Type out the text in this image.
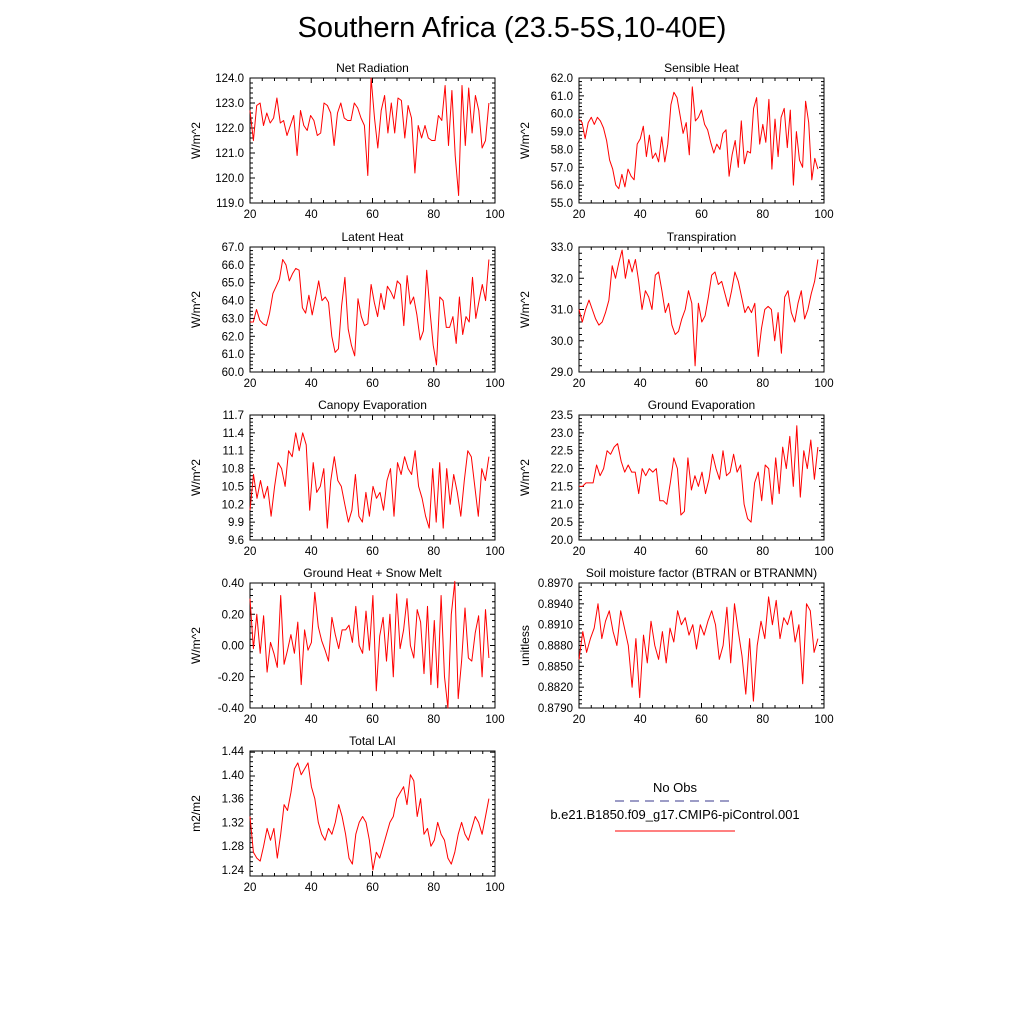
Southern Africa (23.5-5S,10-40E)
20	40	60	80	100
119.0
120.0
121.0
122.0
123.0
124.0
W/m^2
Net Radiation
20	40	60	80	100
55.0
56.0
57.0
58.0
59.0
60.0
61.0
62.0
W/m^2
Sensible Heat
20	40	60	80	100
60.0
61.0
62.0
63.0
64.0
65.0
66.0
67.0
W/m^2
Latent Heat
20	40	60	80	100
29.0
30.0
31.0
32.0
33.0
W/m^2
Transpiration
20	40	60	80	100
9.6
9.9
10.2
10.5
10.8
11.1
11.4
11.7
W/m^2
Canopy Evaporation
20	40	60	80	100
20.0
20.5
21.0
21.5
22.0
22.5
23.0
23.5
W/m^2
Ground Evaporation
20	40	60	80	100
-0.40
-0.20
0.00
0.20
0.40
W/m^2
Ground Heat + Snow Melt
20	40	60	80	100
0.8790
0.8820
0.8850
0.8880
0.8910
0.8940
0.8970
unitless
Soil moisture factor (BTRAN or BTRANMN)
20	40	60	80	100
1.24
1.28
1.32
1.36
1.40
1.44
m2/m2
Total LAI
No Obs
b.e21.B1850.f09_g17.CMIP6-piControl.001
